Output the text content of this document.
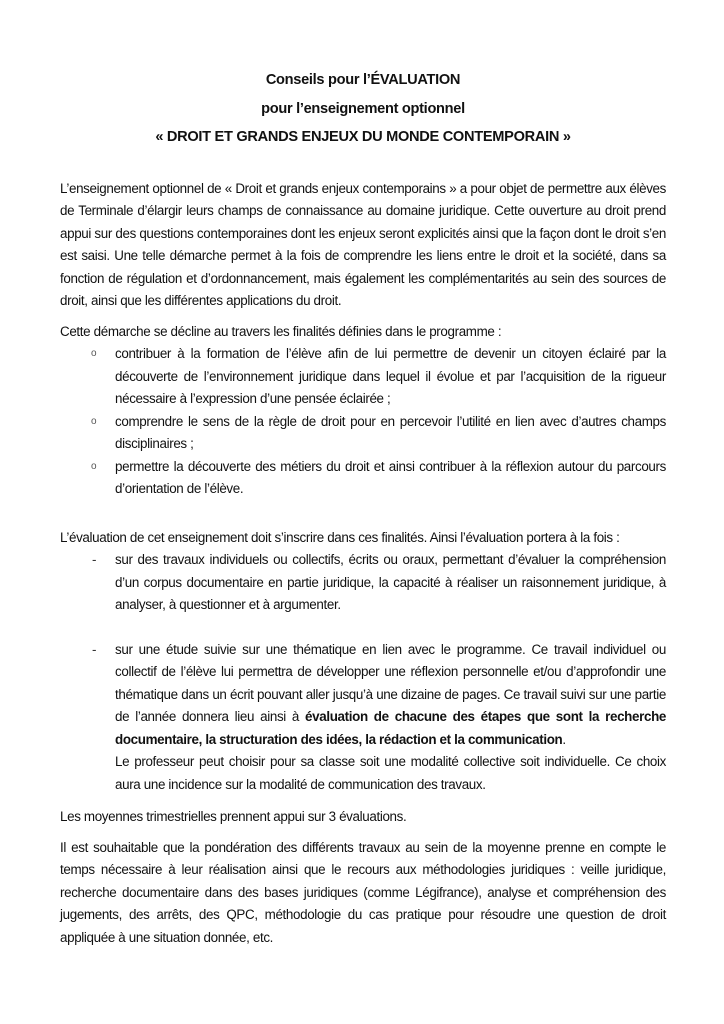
Conseils pour l’ÉVALUATION
pour l’enseignement optionnel
« DROIT ET GRANDS ENJEUX DU MONDE CONTEMPORAIN »

L’enseignement optionnel de « Droit et grands enjeux contemporains » a pour objet de permettre aux élèves de Terminale d’élargir leurs champs de connaissance au domaine juridique. Cette ouverture au droit prend appui sur des questions contemporaines dont les enjeux seront explicités ainsi que la façon dont le droit s’en est saisi. Une telle démarche permet à la fois de comprendre les liens entre le droit et la société, dans sa fonction de régulation et d’ordonnancement, mais également les complémentarités au sein des sources de droit, ainsi que les différentes applications du droit.

Cette démarche se décline au travers les finalités définies dans le programme :

o contribuer à la formation de l’élève afin de lui permettre de devenir un citoyen éclairé par la découverte de l’environnement juridique dans lequel il évolue et par l’acquisition de la rigueur nécessaire à l’expression d’une pensée éclairée ;
o comprendre le sens de la règle de droit pour en percevoir l’utilité en lien avec d’autres champs disciplinaires ;
o permettre la découverte des métiers du droit et ainsi contribuer à la réflexion autour du parcours d’orientation de l’élève.

L’évaluation de cet enseignement doit s’inscrire dans ces finalités. Ainsi l’évaluation portera à la fois :

- sur des travaux individuels ou collectifs, écrits ou oraux, permettant d’évaluer la compréhension d’un corpus documentaire en partie juridique, la capacité à réaliser un raisonnement juridique, à analyser, à questionner et à argumenter.
- sur une étude suivie sur une thématique en lien avec le programme. Ce travail individuel ou collectif de l’élève lui permettra de développer une réflexion personnelle et/ou d’approfondir une thématique dans un écrit pouvant aller jusqu’à une dizaine de pages. Ce travail suivi sur une partie de l’année donnera lieu ainsi à évaluation de chacune des étapes que sont la recherche documentaire, la structuration des idées, la rédaction et la communication.
Le professeur peut choisir pour sa classe soit une modalité collective soit individuelle. Ce choix aura une incidence sur la modalité de communication des travaux.

Les moyennes trimestrielles prennent appui sur 3 évaluations.

Il est souhaitable que la pondération des différents travaux au sein de la moyenne prenne en compte le temps nécessaire à leur réalisation ainsi que le recours aux méthodologies juridiques : veille juridique, recherche documentaire dans des bases juridiques (comme Légifrance), analyse et compréhension des jugements, des arrêts, des QPC, méthodologie du cas pratique pour résoudre une question de droit appliquée à une situation donnée, etc.
